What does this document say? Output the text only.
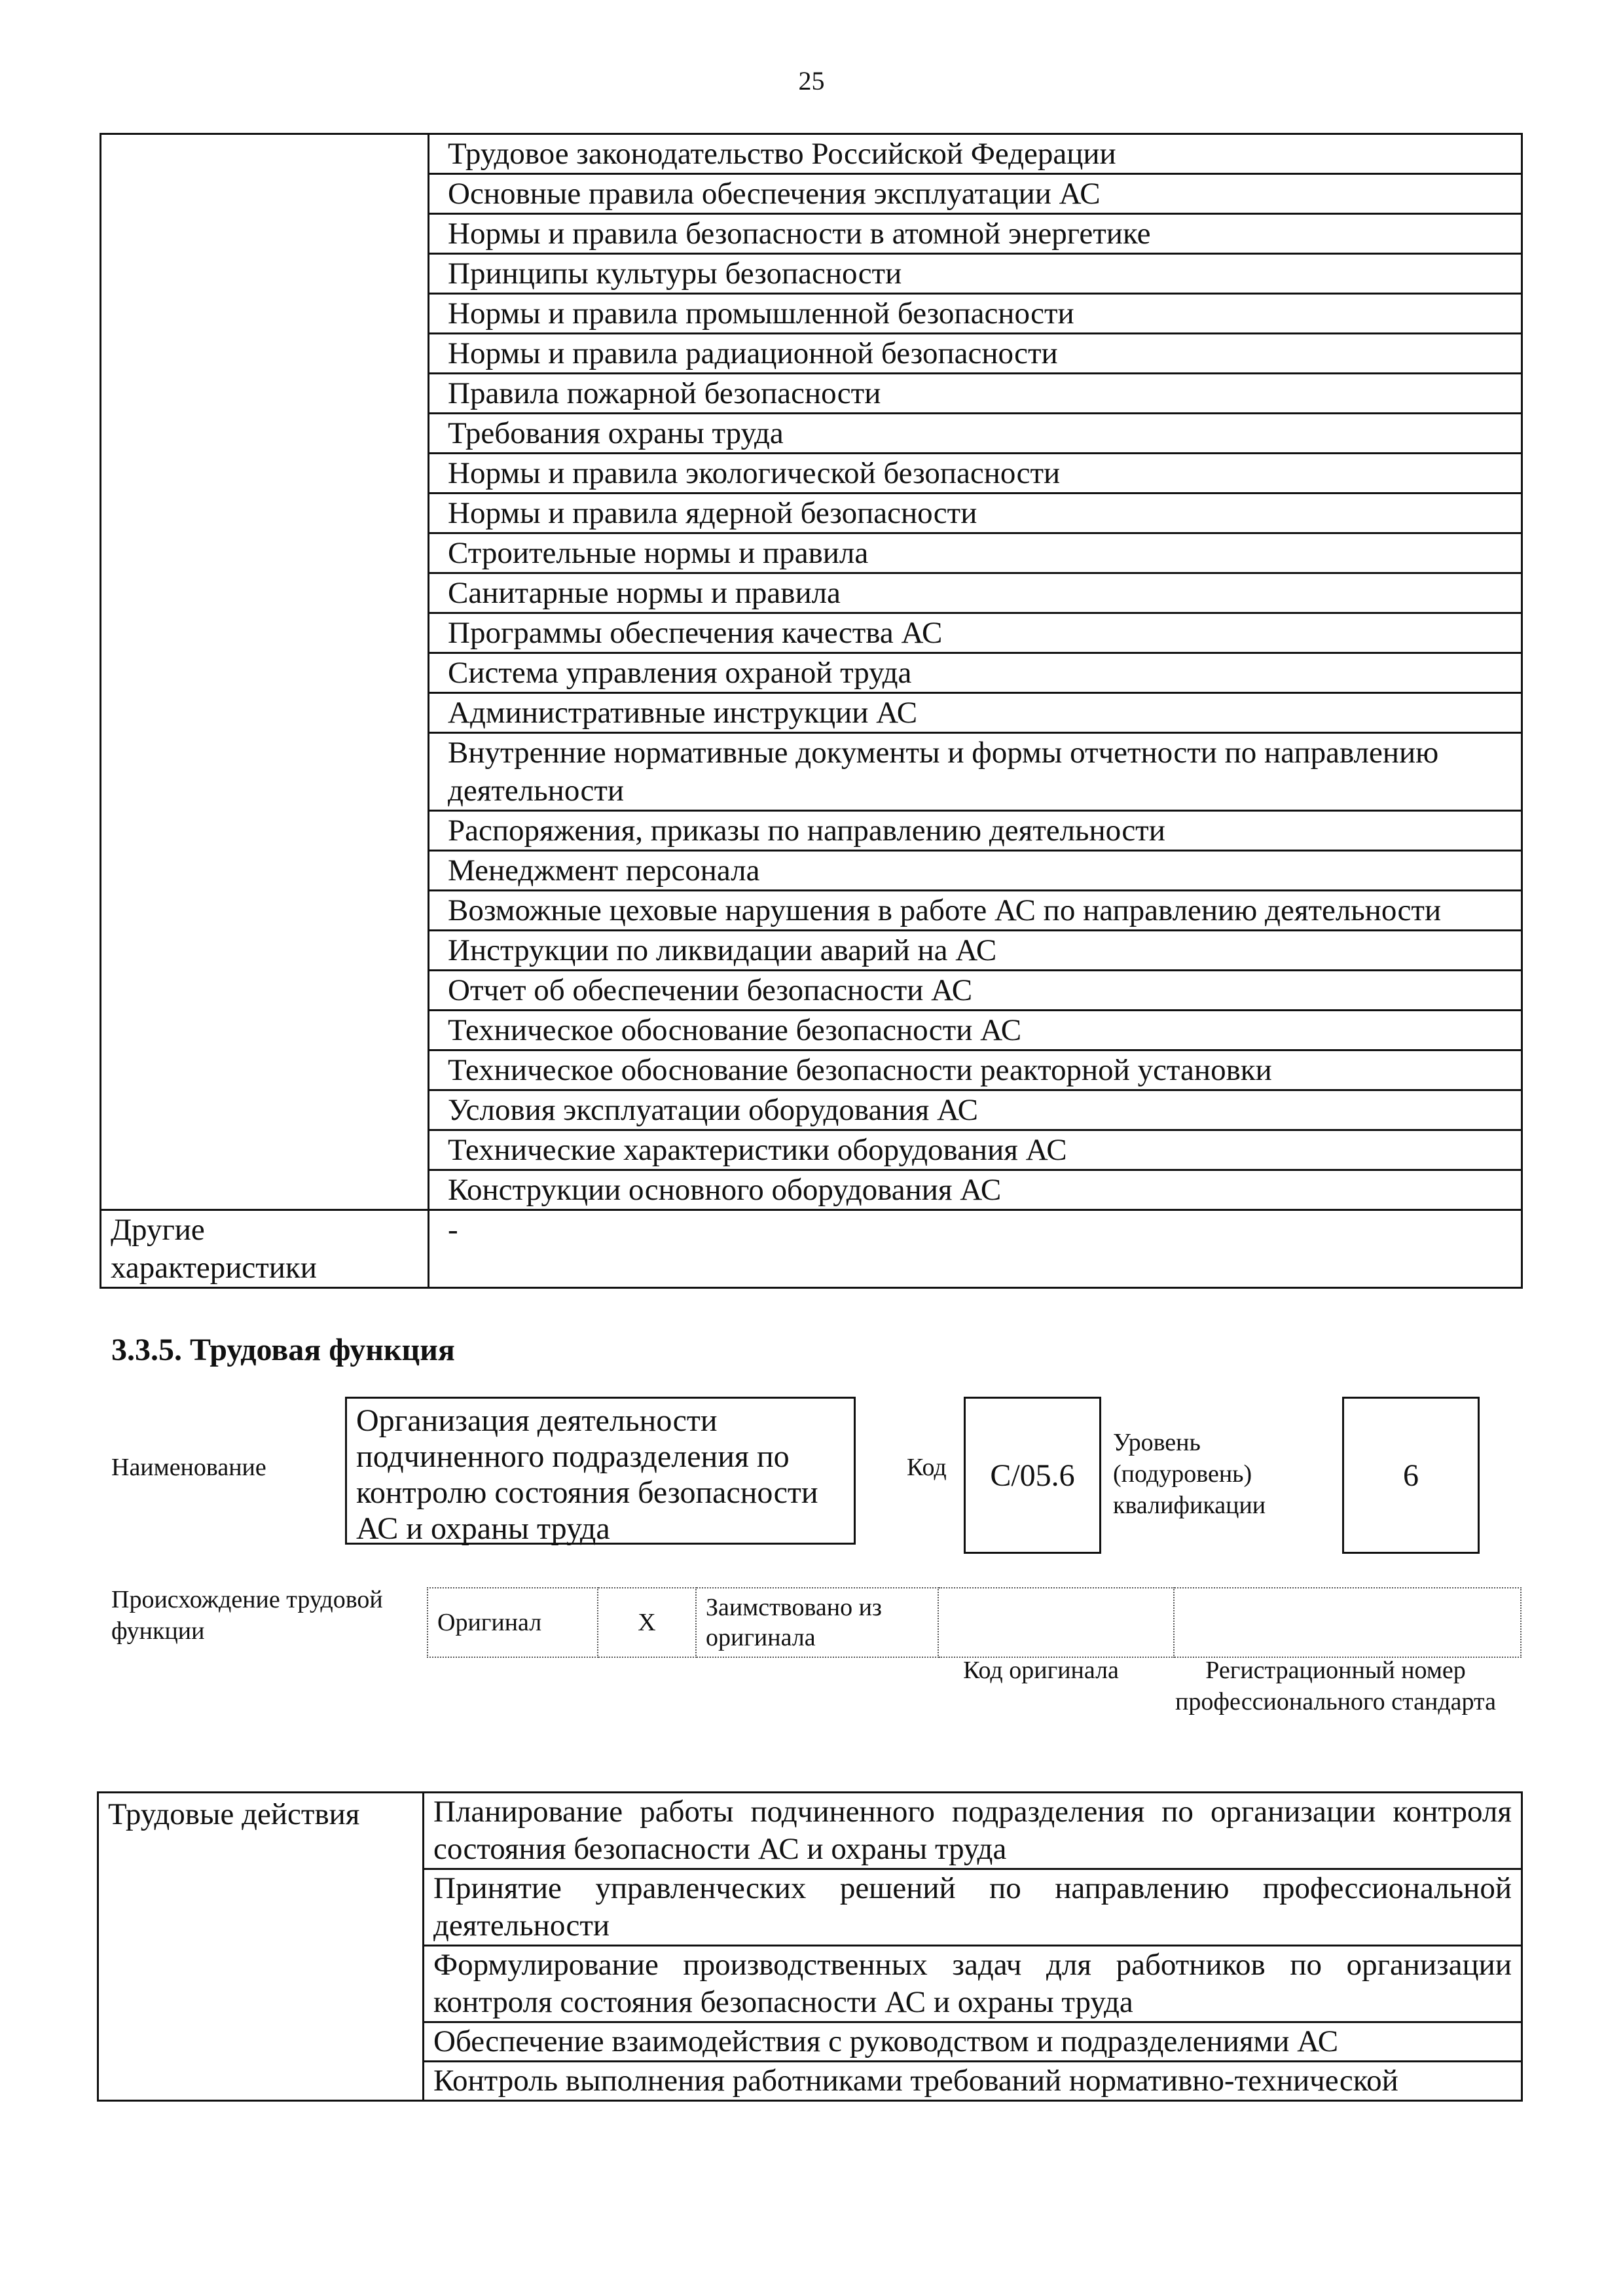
25
	Трудовое законодательство Российской Федерации
	Основные правила обеспечения эксплуатации АС
	Нормы и правила безопасности в атомной энергетике
	Принципы культуры безопасности
	Нормы и правила промышленной безопасности
	Нормы и правила радиационной безопасности
	Правила пожарной безопасности
	Требования охраны труда
	Нормы и правила экологической безопасности
	Нормы и правила ядерной безопасности
	Строительные нормы и правила
	Санитарные нормы и правила
	Программы обеспечения качества АС
	Система управления охраной труда
	Административные инструкции АС
	Внутренние нормативные документы и формы отчетности по направлению деятельности
	Распоряжения, приказы по направлению деятельности
	Менеджмент персонала
	Возможные цеховые нарушения в работе АС по направлению деятельности
	Инструкции по ликвидации аварий на АС
	Отчет об обеспечении безопасности АС
	Техническое обоснование безопасности АС
	Техническое обоснование безопасности реакторной установки
	Условия эксплуатации оборудования АС
	Технические характеристики оборудования АС
	Конструкции основного оборудования АС
Другие характеристики	-
3.3.5. Трудовая функция
Наименование
Организация деятельности подчиненного подразделения по контролю состояния безопасности АС и охраны труда
Код	С/05.6
Уровень (подуровень) квалификации
6
Происхождение трудовой функции	Оригинал	X	Заимствовано из оригинала		
Код оригинала	Регистрационный номер профессионального стандарта
Трудовые действия	Планирование работы подчиненного подразделения по организации контроля состояния безопасности АС и охраны труда
Принятие управленческих решений по направлению профессиональной деятельности
Формулирование производственных задач для работников по организации контроля состояния безопасности АС и охраны труда
Обеспечение взаимодействия с руководством и подразделениями АС
Контроль выполнения работниками требований нормативно-технической
